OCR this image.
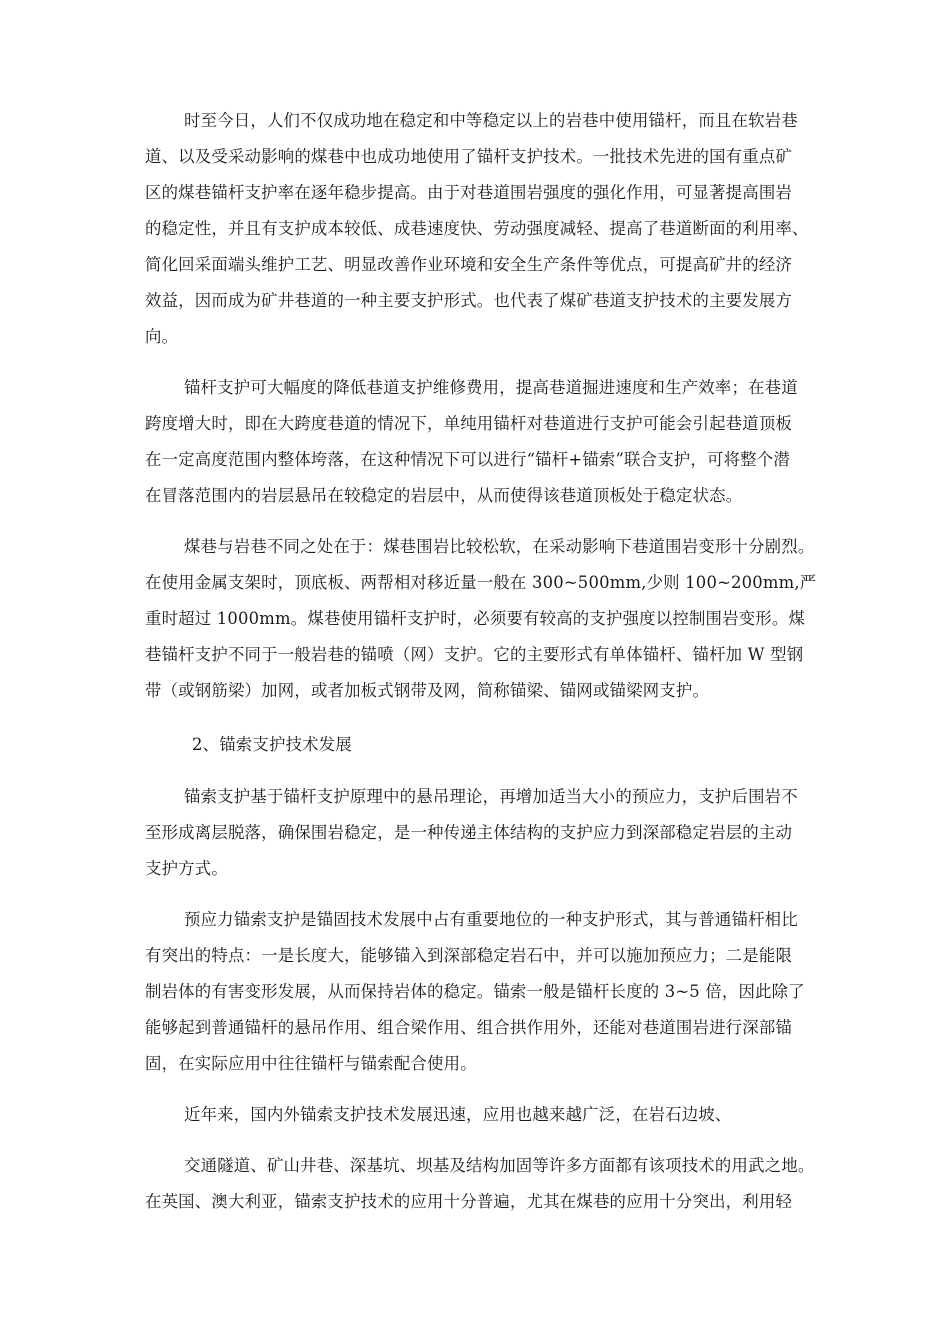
时至今日，人们不仅成功地在稳定和中等稳定以上的岩巷中使用锚杆，而且在软岩巷
道、以及受采动影响的煤巷中也成功地使用了锚杆支护技术。一批技术先进的国有重点矿
区的煤巷锚杆支护率在逐年稳步提高。由于对巷道围岩强度的强化作用，可显著提高围岩
的稳定性，并且有支护成本较低、成巷速度快、劳动强度减轻、提高了巷道断面的利用率、
简化回采面端头维护工艺、明显改善作业环境和安全生产条件等优点，可提高矿井的经济
效益，因而成为矿井巷道的一种主要支护形式。也代表了煤矿巷道支护技术的主要发展方
向。
锚杆支护可大幅度的降低巷道支护维修费用，提高巷道掘进速度和生产效率；在巷道
跨度增大时，即在大跨度巷道的情况下，单纯用锚杆对巷道进行支护可能会引起巷道顶板
在一定高度范围内整体垮落，在这种情况下可以进行“锚杆+锚索”联合支护，可将整个潜
在冒落范围内的岩层悬吊在较稳定的岩层中，从而使得该巷道顶板处于稳定状态。
煤巷与岩巷不同之处在于：煤巷围岩比较松软，在采动影响下巷道围岩变形十分剧烈。
在使用金属支架时，顶底板、两帮相对移近量一般在 300~500mm,少则 100~200mm,严
重时超过 1000mm。煤巷使用锚杆支护时，必须要有较高的支护强度以控制围岩变形。煤
巷锚杆支护不同于一般岩巷的锚喷（网）支护。它的主要形式有单体锚杆、锚杆加 W 型钢
带（或钢筋梁）加网，或者加板式钢带及网，简称锚梁、锚网或锚梁网支护。
2、锚索支护技术发展
锚索支护基于锚杆支护原理中的悬吊理论，再增加适当大小的预应力，支护后围岩不
至形成离层脱落，确保围岩稳定，是一种传递主体结构的支护应力到深部稳定岩层的主动
支护方式。
预应力锚索支护是锚固技术发展中占有重要地位的一种支护形式，其与普通锚杆相比
有突出的特点：一是长度大，能够锚入到深部稳定岩石中，并可以施加预应力；二是能限
制岩体的有害变形发展，从而保持岩体的稳定。锚索一般是锚杆长度的 3~5 倍，因此除了
能够起到普通锚杆的悬吊作用、组合梁作用、组合拱作用外，还能对巷道围岩进行深部锚
固，在实际应用中往往锚杆与锚索配合使用。
近年来，国内外锚索支护技术发展迅速，应用也越来越广泛，在岩石边坡、
交通隧道、矿山井巷、深基坑、坝基及结构加固等许多方面都有该项技术的用武之地。
在英国、澳大利亚，锚索支护技术的应用十分普遍，尤其在煤巷的应用十分突出，利用轻
